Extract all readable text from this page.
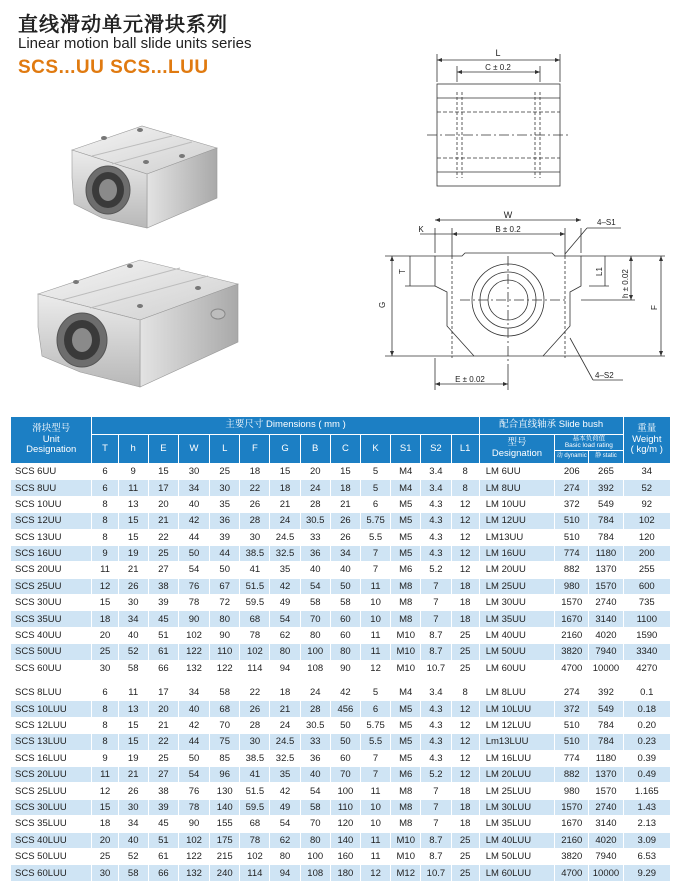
直线滑动单元滑块系列
Linear motion ball slide units series
SCS...UU SCS...LUU
L
C ± 0.2
W
B ± 0.2
K
4–S1
4–S2
T
G
L1 h ± 0.02
F
E ± 0.02
滑块型号
Unit
Designation	主要尺寸 Dimensions ( mm )													配合直线轴承 Slide bush			重量
Weight
( kg/m )
	T	h	E	W	L	F	G	B	C	K	S1	S2	L1	型号
Designation	基本负荷值
Basic load rating		

															动 dynamic	静 static	

SCS 6UU	6	9	15	30	25	18	15	20	15	5	M4	3.4	8	LM 6UU	206	265	34
SCS 8UU	6	11	17	34	30	22	18	24	18	5	M4	3.4	8	LM 8UU	274	392	52
SCS 10UU	8	13	20	40	35	26	21	28	21	6	M5	4.3	12	LM 10UU	372	549	92
SCS 12UU	8	15	21	42	36	28	24	30.5	26	5.75	M5	4.3	12	LM 12UU	510	784	102
SCS 13UU	8	15	22	44	39	30	24.5	33	26	5.5	M5	4.3	12	LM13UU	510	784	120
SCS 16UU	9	19	25	50	44	38.5	32.5	36	34	7	M5	4.3	12	LM 16UU	774	1180	200
SCS 20UU	11	21	27	54	50	41	35	40	40	7	M6	5.2	12	LM 20UU	882	1370	255
SCS 25UU	12	26	38	76	67	51.5	42	54	50	11	M8	7	18	LM 25UU	980	1570	600
SCS 30UU	15	30	39	78	72	59.5	49	58	58	10	M8	7	18	LM 30UU	1570	2740	735
SCS 35UU	18	34	45	90	80	68	54	70	60	10	M8	7	18	LM 35UU	1670	3140	1100
SCS 40UU	20	40	51	102	90	78	62	80	60	11	M10	8.7	25	LM 40UU	2160	4020	1590
SCS 50UU	25	52	61	122	110	102	80	100	80	11	M10	8.7	25	LM 50UU	3820	7940	3340
SCS 60UU	30	58	66	132	122	114	94	108	90	12	M10	10.7	25	LM 60UU	4700	10000	4270

SCS 8LUU	6	11	17	34	58	22	18	24	42	5	M4	3.4	8	LM 8LUU	274	392	0.1
SCS 10LUU	8	13	20	40	68	26	21	28	456	6	M5	4.3	12	LM 10LUU	372	549	0.18
SCS 12LUU	8	15	21	42	70	28	24	30.5	50	5.75	M5	4.3	12	LM 12LUU	510	784	0.20
SCS 13LUU	8	15	22	44	75	30	24.5	33	50	5.5	M5	4.3	12	Lm13LUU	510	784	0.23
SCS 16LUU	9	19	25	50	85	38.5	32.5	36	60	7	M5	4.3	12	LM 16LUU	774	1180	0.39
SCS 20LUU	11	21	27	54	96	41	35	40	70	7	M6	5.2	12	LM 20LUU	882	1370	0.49
SCS 25LUU	12	26	38	76	130	51.5	42	54	100	11	M8	7	18	LM 25LUU	980	1570	1.165
SCS 30LUU	15	30	39	78	140	59.5	49	58	110	10	M8	7	18	LM 30LUU	1570	2740	1.43
SCS 35LUU	18	34	45	90	155	68	54	70	120	10	M8	7	18	LM 35LUU	1670	3140	2.13
SCS 40LUU	20	40	51	102	175	78	62	80	140	11	M10	8.7	25	LM 40LUU	2160	4020	3.09
SCS 50LUU	25	52	61	122	215	102	80	100	160	11	M10	8.7	25	LM 50LUU	3820	7940	6.53
SCS 60LUU	30	58	66	132	240	114	94	108	180	12	M12	10.7	25	LM 60LUU	4700	10000	9.29
